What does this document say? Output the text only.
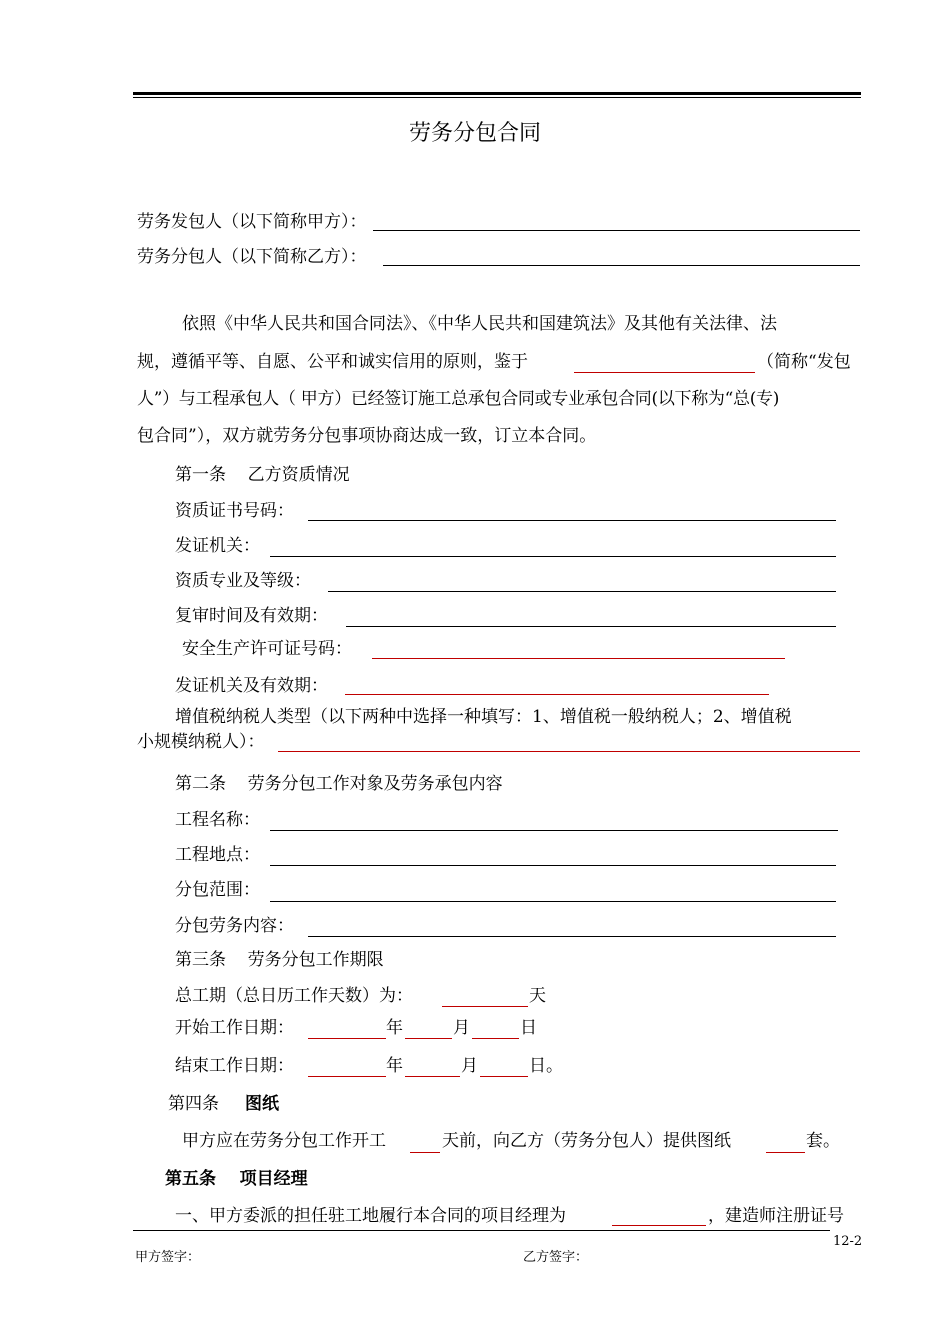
劳务分包合同
劳务发包人（以下简称甲方）：
劳务分包人（以下简称乙方）：
依照《中华人民共和国合同法》、《中华人民共和国建筑法》及其他有关法律、法
规，遵循平等、自愿、公平和诚实信用的原则，鉴于	（简称“发包
人”）与工程承包人（ 甲方）已经签订施工总承包合同或专业承包合同(以下称为“总(专)
包合同”），双方就劳务分包事项协商达成一致，订立本合同。
第一条    乙方资质情况
资质证书号码：
发证机关：
资质专业及等级：
复审时间及有效期：
安全生产许可证号码：
发证机关及有效期：
增值税纳税人类型（以下两种中选择一种填写：1、增值税一般纳税人；2、增值税
小规模纳税人）：
第二条    劳务分包工作对象及劳务承包内容
工程名称：
工程地点：
分包范围：
分包劳务内容：
第三条    劳务分包工作期限
总工期（总日历工作天数）为：	天
开始工作日期：	年	月	日
结束工作日期：	年	月	日。
第四条 图纸
甲方应在劳务分包工作开工	天前，向乙方（劳务分包人）提供图纸	套。
第五条    项目经理
一、甲方委派的担任驻工地履行本合同的项目经理为	，建造师注册证号
12-2
甲方签字：	乙方签字：
